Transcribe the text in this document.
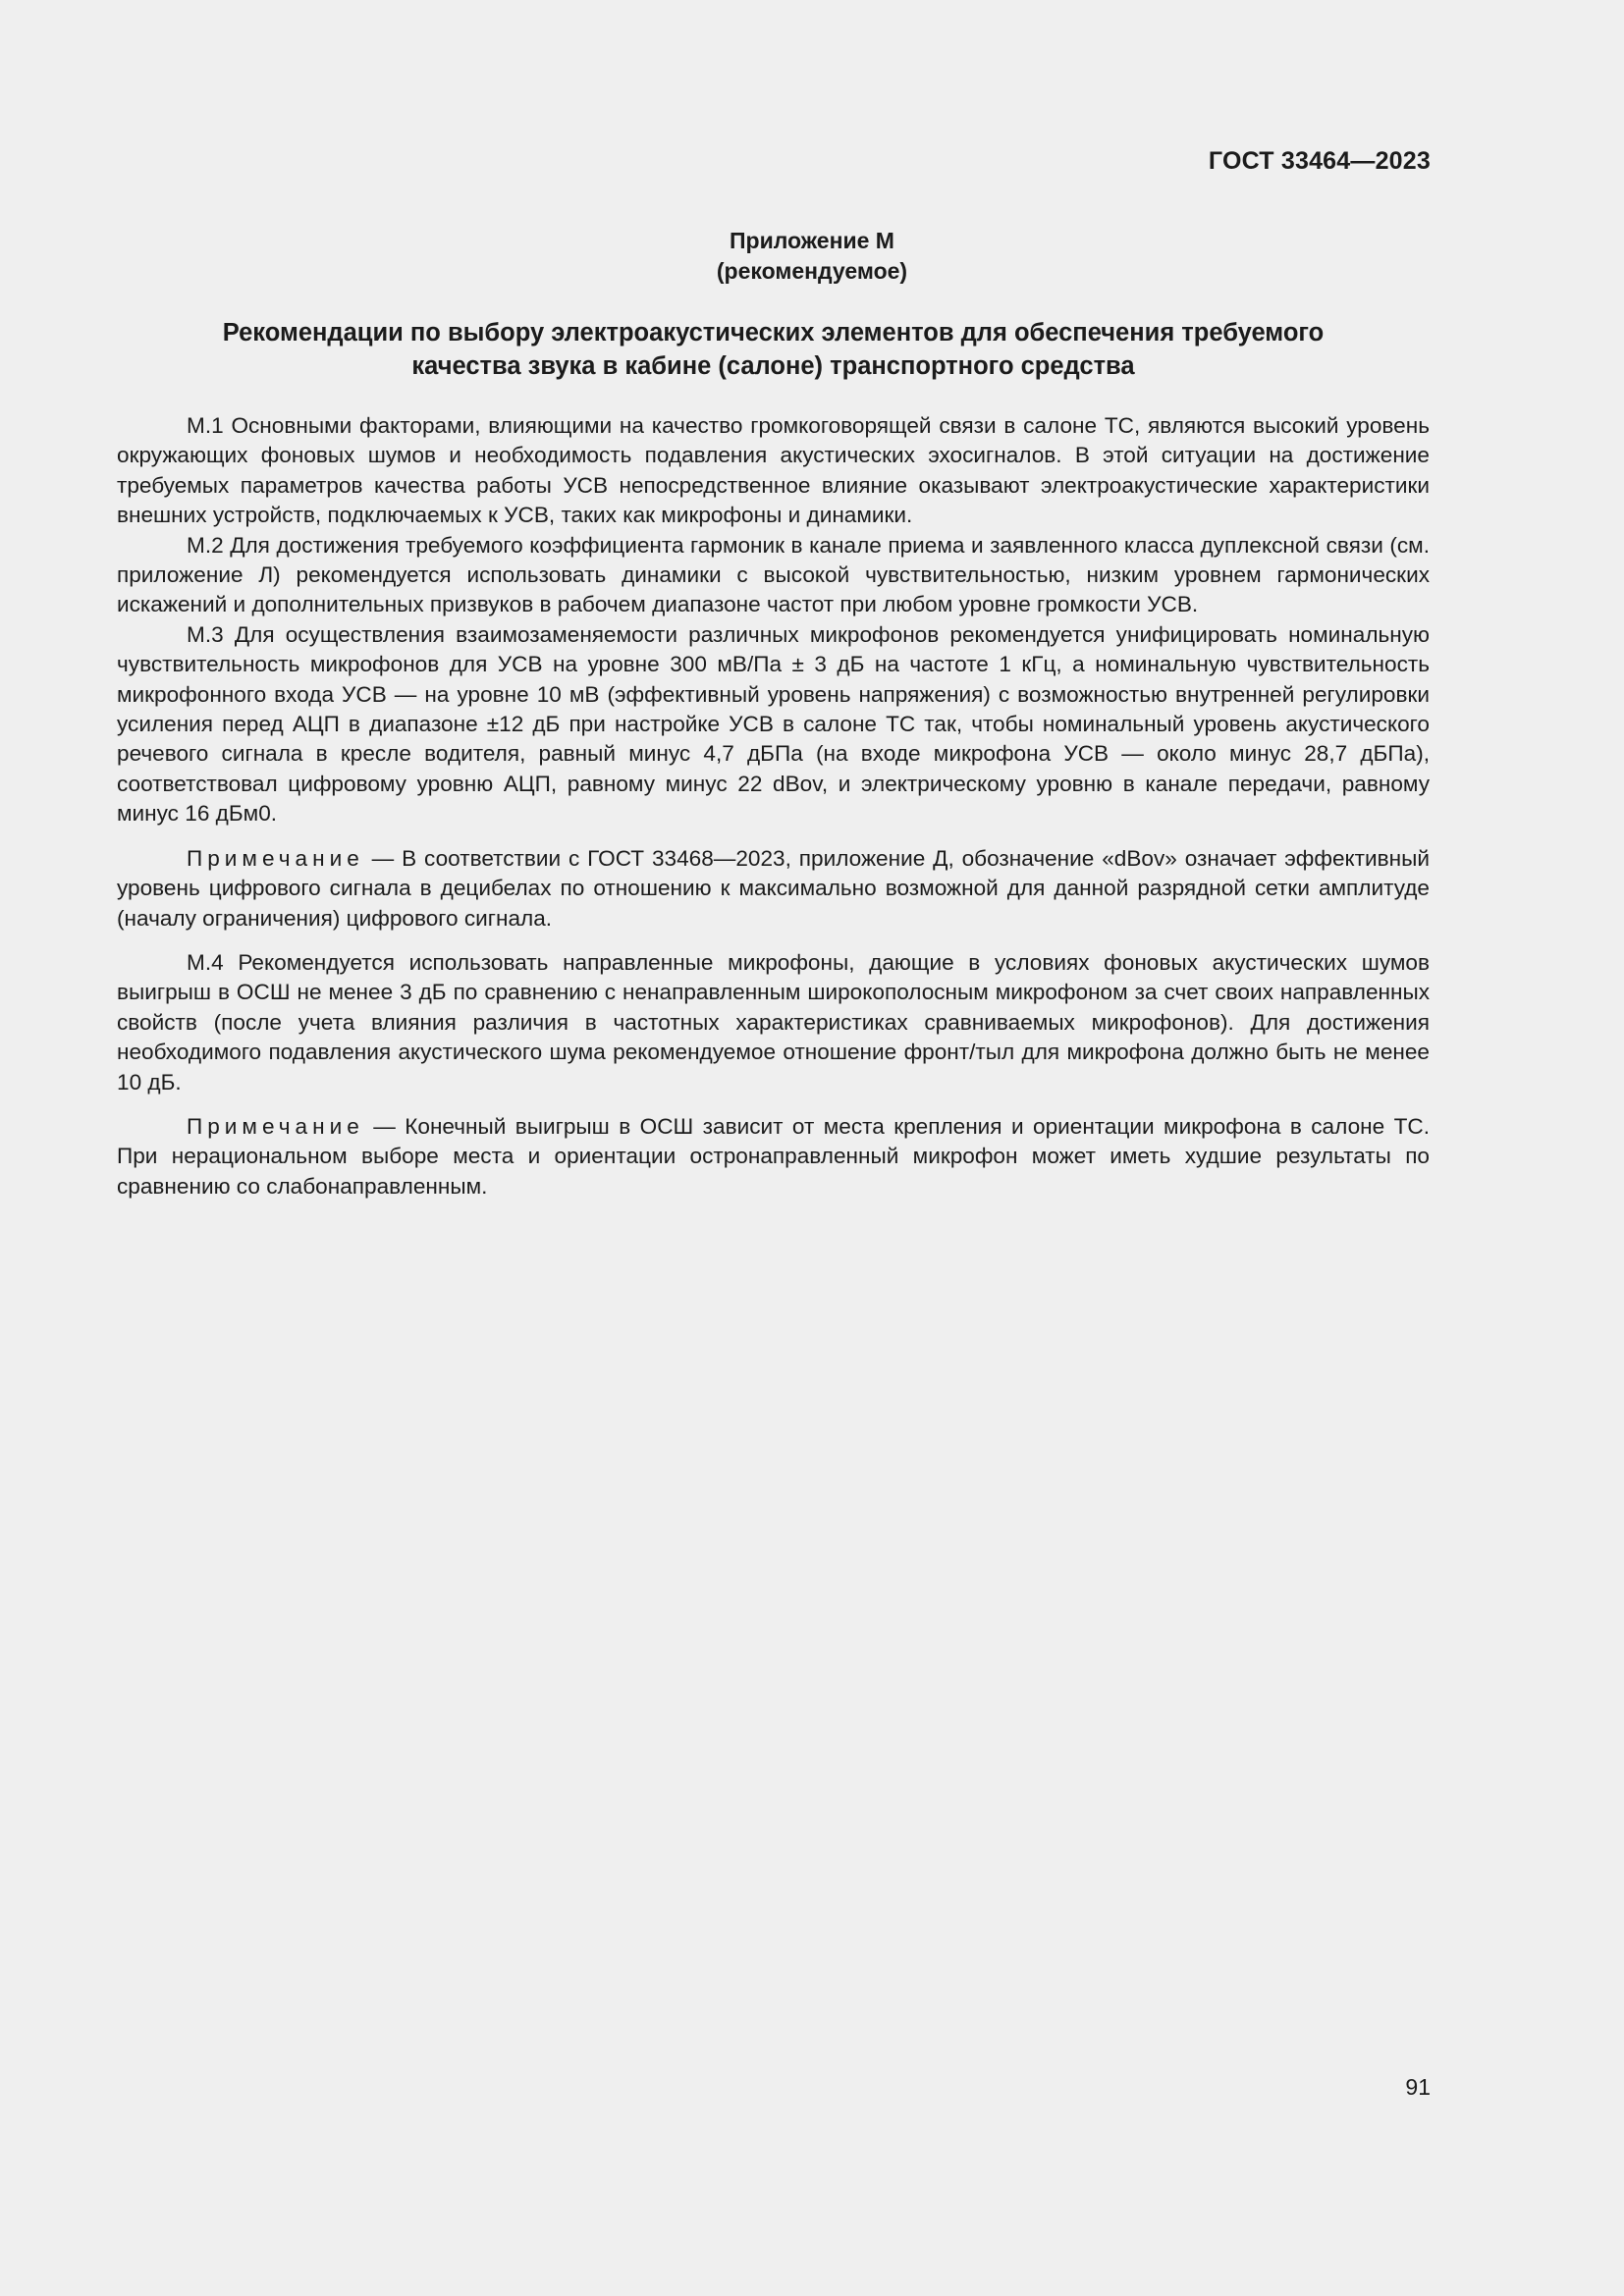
ГОСТ 33464—2023
Приложение М
(рекомендуемое)
Рекомендации по выбору электроакустических элементов для обеспечения требуемого
качества звука в кабине (салоне) транспортного средства

М.1 Основными факторами, влияющими на качество громкоговорящей связи в салоне ТС, являются высокий уровень окружающих фоновых шумов и необходимость подавления акустических эхосигналов. В этой ситуации на достижение требуемых параметров качества работы УСВ непосредственное влияние оказывают электроакустические характеристики внешних устройств, подключаемых к УСВ, таких как микрофоны и динамики.

М.2 Для достижения требуемого коэффициента гармоник в канале приема и заявленного класса дуплексной связи (см. приложение Л) рекомендуется использовать динамики с высокой чувствительностью, низким уровнем гармонических искажений и дополнительных призвуков в рабочем диапазоне частот при любом уровне громкости УСВ.

М.3 Для осуществления взаимозаменяемости различных микрофонов рекомендуется унифицировать номинальную чувствительность микрофонов для УСВ на уровне 300 мВ/Па ± 3 дБ на частоте 1 кГц, а номинальную чувствительность микрофонного входа УСВ — на уровне 10 мВ (эффективный уровень напряжения) с возможностью внутренней регулировки усиления перед АЦП в диапазоне ±12 дБ при настройке УСВ в салоне ТС так, чтобы номинальный уровень акустического речевого сигнала в кресле водителя, равный минус 4,7 дБПа (на входе микрофона УСВ — около минус 28,7 дБПа), соответствовал цифровому уровню АЦП, равному минус 22 dBov, и электрическому уровню в канале передачи, равному минус 16 дБм0.

Примечание — В соответствии с ГОСТ 33468—2023, приложение Д, обозначение «dBov» означает эффективный уровень цифрового сигнала в децибелах по отношению к максимально возможной для данной разрядной сетки амплитуде (началу ограничения) цифрового сигнала.

М.4 Рекомендуется использовать направленные микрофоны, дающие в условиях фоновых акустических шумов выигрыш в ОСШ не менее 3 дБ по сравнению с ненаправленным широкополосным микрофоном за счет своих направленных свойств (после учета влияния различия в частотных характеристиках сравниваемых микрофонов). Для достижения необходимого подавления акустического шума рекомендуемое отношение фронт/тыл для микрофона должно быть не менее 10 дБ.

Примечание — Конечный выигрыш в ОСШ зависит от места крепления и ориентации микрофона в салоне ТС. При нерациональном выборе места и ориентации остронаправленный микрофон может иметь худшие результаты по сравнению со слабонаправленным.

91
